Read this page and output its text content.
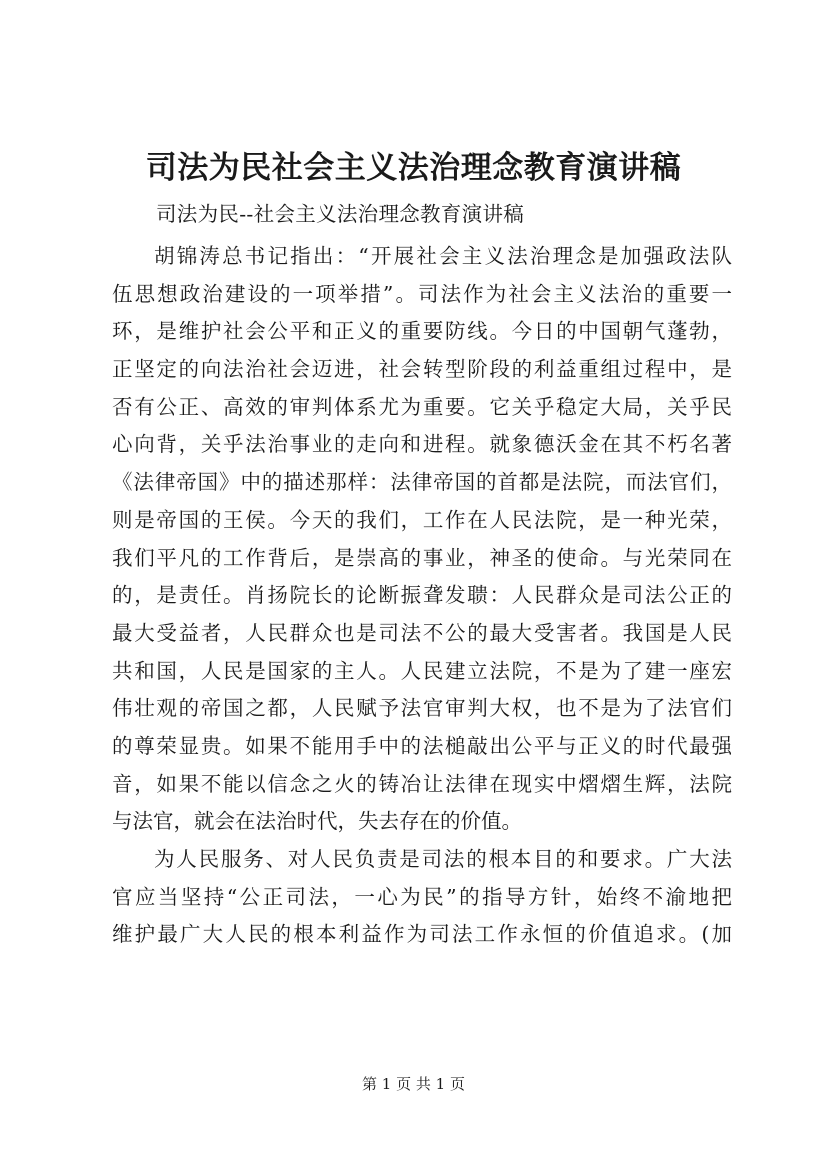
司法为民社会主义法治理念教育演讲稿
司法为民--社会主义法治理念教育演讲稿
胡锦涛总书记指出：“开展社会主义法治理念是加强政法队
伍思想政治建设的一项举措”。司法作为社会主义法治的重要一
环，是维护社会公平和正义的重要防线。今日的中国朝气蓬勃，
正坚定的向法治社会迈进，社会转型阶段的利益重组过程中，是
否有公正、高效的审判体系尤为重要。它关乎稳定大局，关乎民
心向背，关乎法治事业的走向和进程。就象德沃金在其不朽名著
《法律帝国》中的描述那样：法律帝国的首都是法院，而法官们，
则是帝国的王侯。今天的我们，工作在人民法院，是一种光荣，
我们平凡的工作背后，是崇高的事业，神圣的使命。与光荣同在
的，是责任。肖扬院长的论断振聋发聩：人民群众是司法公正的
最大受益者，人民群众也是司法不公的最大受害者。我国是人民
共和国，人民是国家的主人。人民建立法院，不是为了建一座宏
伟壮观的帝国之都，人民赋予法官审判大权，也不是为了法官们
的尊荣显贵。如果不能用手中的法槌敲出公平与正义的时代最强
音，如果不能以信念之火的铸冶让法律在现实中熠熠生辉，法院
与法官，就会在法治时代，失去存在的价值。
为人民服务、对人民负责是司法的根本目的和要求。广大法
官应当坚持“公正司法，一心为民”的指导方针，始终不渝地把
维护最广大人民的根本利益作为司法工作永恒的价值追求。(加
第 1 页 共 1 页
